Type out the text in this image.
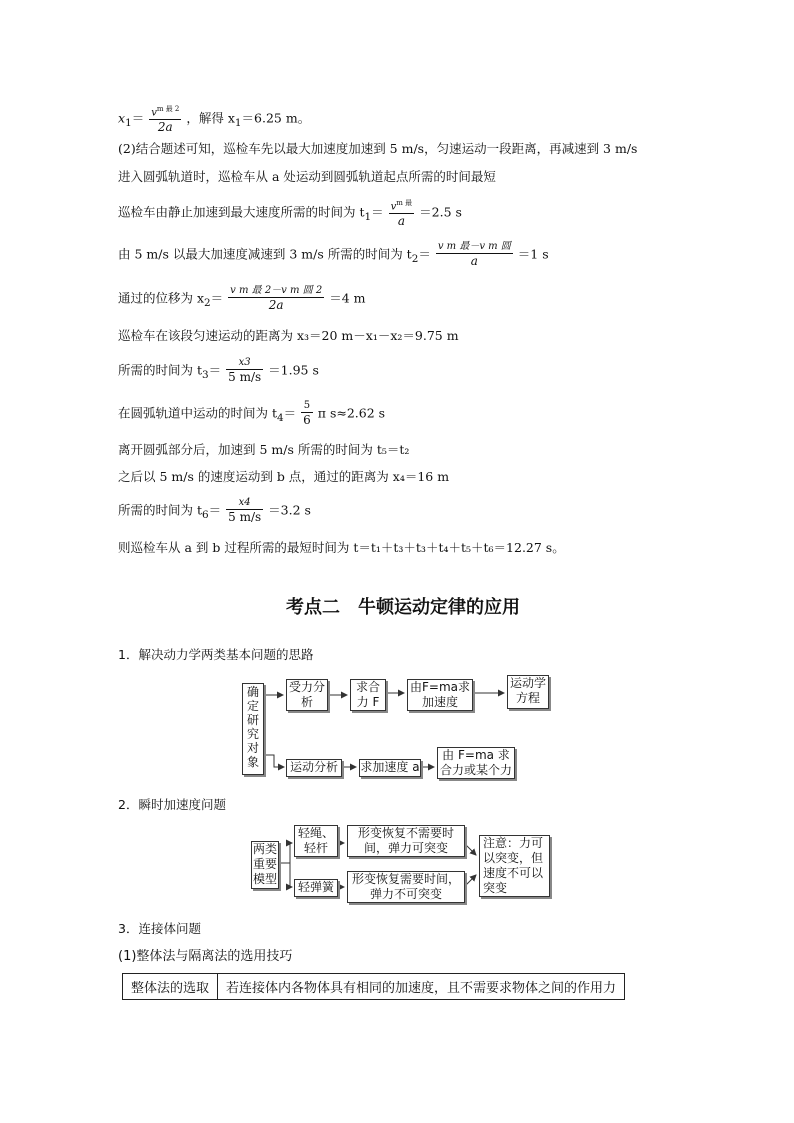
$x_1= \frac{v^{m 最 2}}{2a}$ ，解得 $x_1=6.25$ m。
(2)结合题述可知，巡检车先以最大加速度加速到 5 m/s，匀速运动一段距离，再减速到 3 m/s
进入圆弧轨道时，巡检车从 a 处运动到圆弧轨道起点所需的时间最短
巡检车由静止加速到最大速度所需的时间为 $t_1= \frac{v^{m 最}}{a} =2.5$ s
由 5 m/s 以最大加速度减速到 3 m/s 所需的时间为 $t_2= \frac{\text{v m 最－v m 圆}}{a} =1$ s
通过的位移为 $x_2= \frac{\text{v m 最 2－v m 圆 2}}{2a} =4$ m
巡检车在该段匀速运动的距离为 x₃＝20 m－x₁－x₂＝9.75 m
所需的时间为 $t_3= \frac{x3}{5 m/s} =1.95$ s
在圆弧轨道中运动的时间为 $t_4= \frac{5}{6}$ π s≈2.62 s
离开圆弧部分后，加速到 5 m/s 所需的时间为 t₅＝t₂
之后以 5 m/s 的速度运动到 b 点，通过的距离为 x₄＝16 m
所需的时间为 $t_6= \frac{x4}{5 m/s} =3.2$ s
则巡检车从 a 到 b 过程所需的最短时间为 t＝t₁＋t₃＋t₃＋t₄＋t₅＋t₆＝12.27 s。
考点二　牛顿运动定律的应用
1．解决动力学两类基本问题的思路
确定研究对象
受力分析
求合力 F
由F=ma求加速度
运动学方程
运动分析	求加速度 a
由 F=ma 求合力或某个力
2．瞬时加速度问题
两类重要模型
轻绳、轻杆
形变恢复不需要时间，弹力可突变
轻弹簧
形变恢复需要时间，弹力不可突变
注意：力可以突变，但速度不可以突变
3．连接体问题
(1)整体法与隔离法的选用技巧
整体法的选取	若连接体内各物体具有相同的加速度，且不需要求物体之间的作用力
